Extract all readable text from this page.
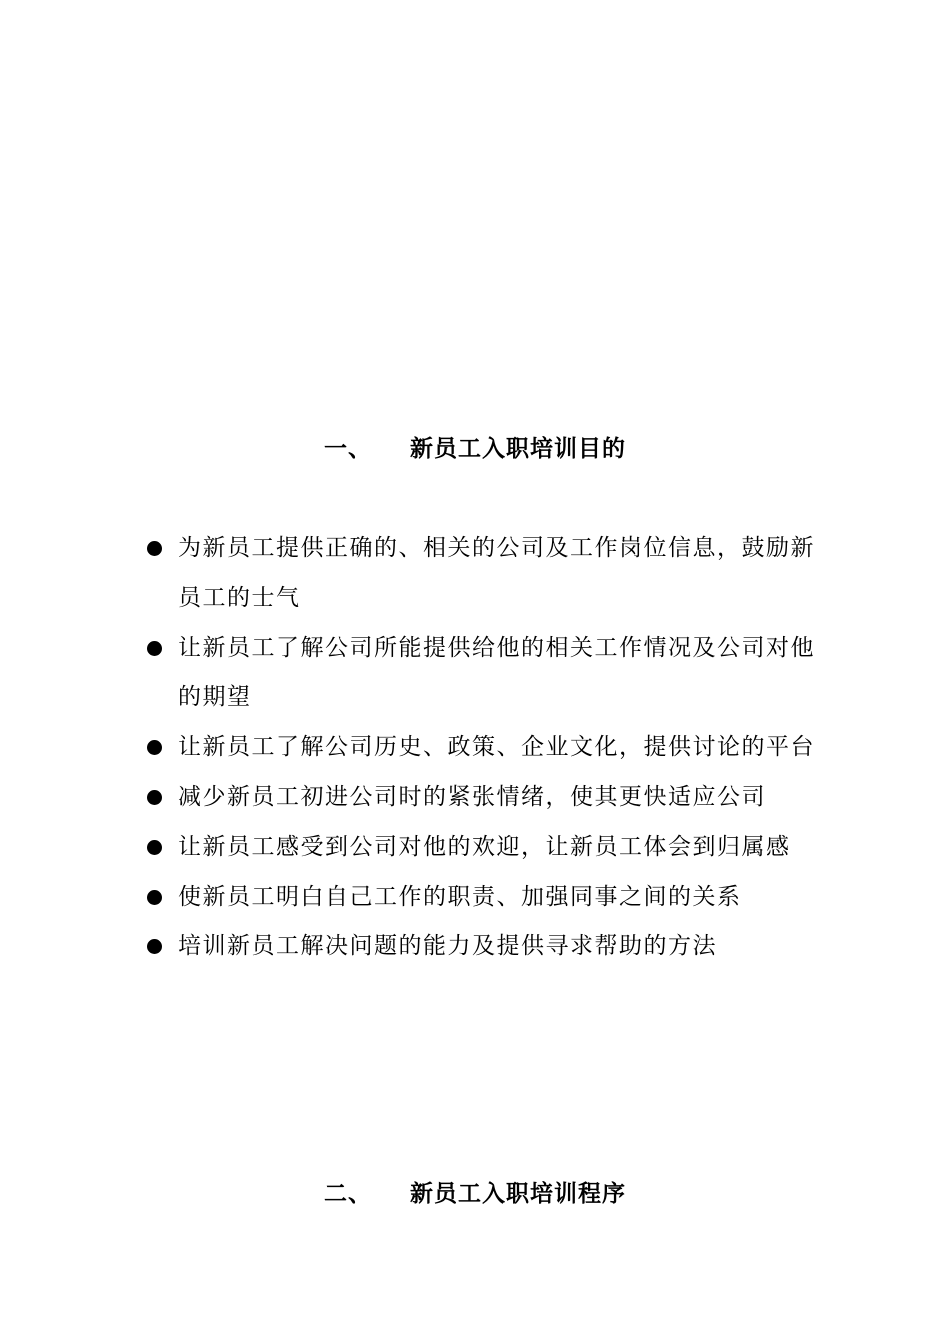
一、 新员工入职培训目的
为新员工提供正确的、相关的公司及工作岗位信息，鼓励新员工的士气
让新员工了解公司所能提供给他的相关工作情况及公司对他的期望
让新员工了解公司历史、政策、企业文化，提供讨论的平台
减少新员工初进公司时的紧张情绪，使其更快适应公司
让新员工感受到公司对他的欢迎，让新员工体会到归属感
使新员工明白自己工作的职责、加强同事之间的关系
培训新员工解决问题的能力及提供寻求帮助的方法
二、 新员工入职培训程序
